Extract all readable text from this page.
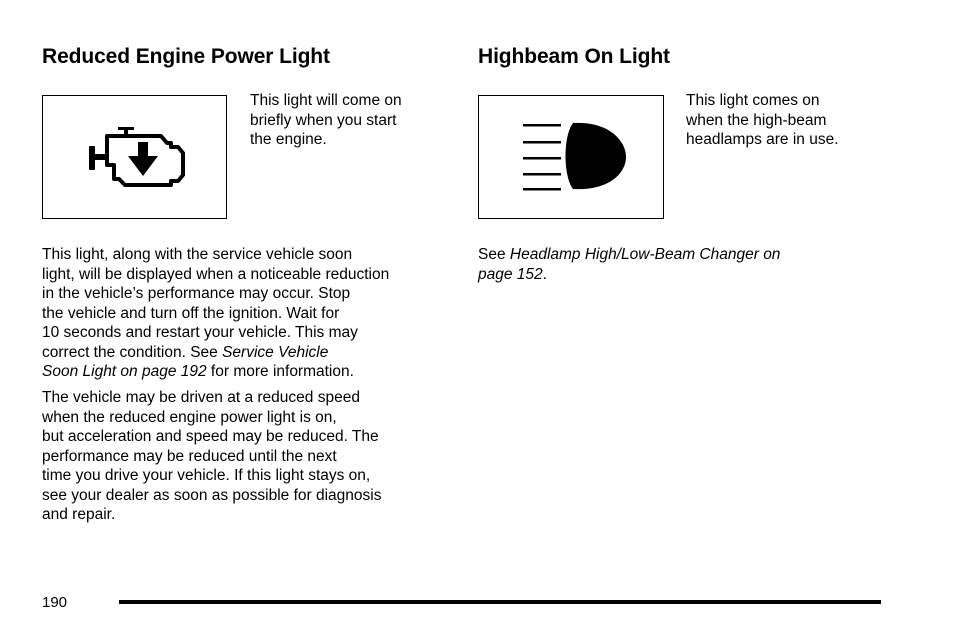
Reduced Engine Power Light

This light will come on
briefly when you start
the engine.

This light, along with the service vehicle soon
light, will be displayed when a noticeable reduction
in the vehicle’s performance may occur. Stop
the vehicle and turn off the ignition. Wait for
10 seconds and restart your vehicle. This may
correct the condition. See Service Vehicle
Soon Light on page 192 for more information.

The vehicle may be driven at a reduced speed
when the reduced engine power light is on,
but acceleration and speed may be reduced. The
performance may be reduced until the next
time you drive your vehicle. If this light stays on,
see your dealer as soon as possible for diagnosis
and repair.

Highbeam On Light

This light comes on
when the high-beam
headlamps are in use.

See Headlamp High/Low-Beam Changer on
page 152.

190
